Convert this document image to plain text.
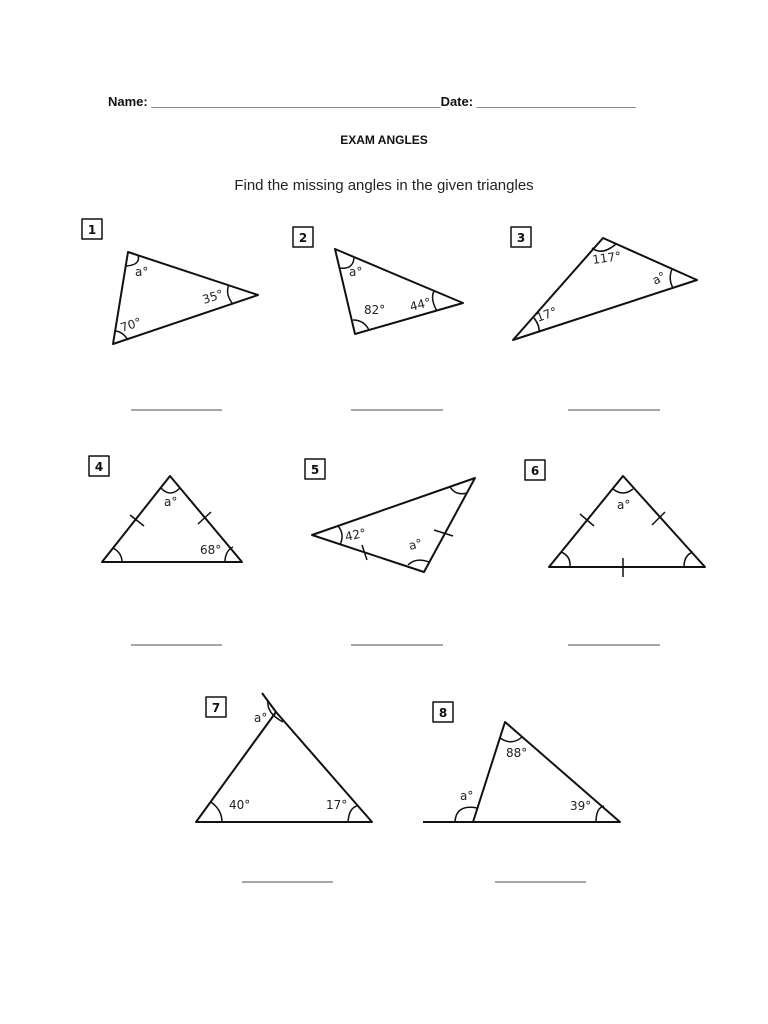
Name: ________________________________________Date: ______________________
EXAM ANGLES
Find the missing angles in the given triangles
1
2	3
4	5	6
7	8
a°
35°
70°
a°
82° 44°
117°
a°
17°
a°
68°
42°
a°
a°
a°
40°	17°
88°
a°
39°
